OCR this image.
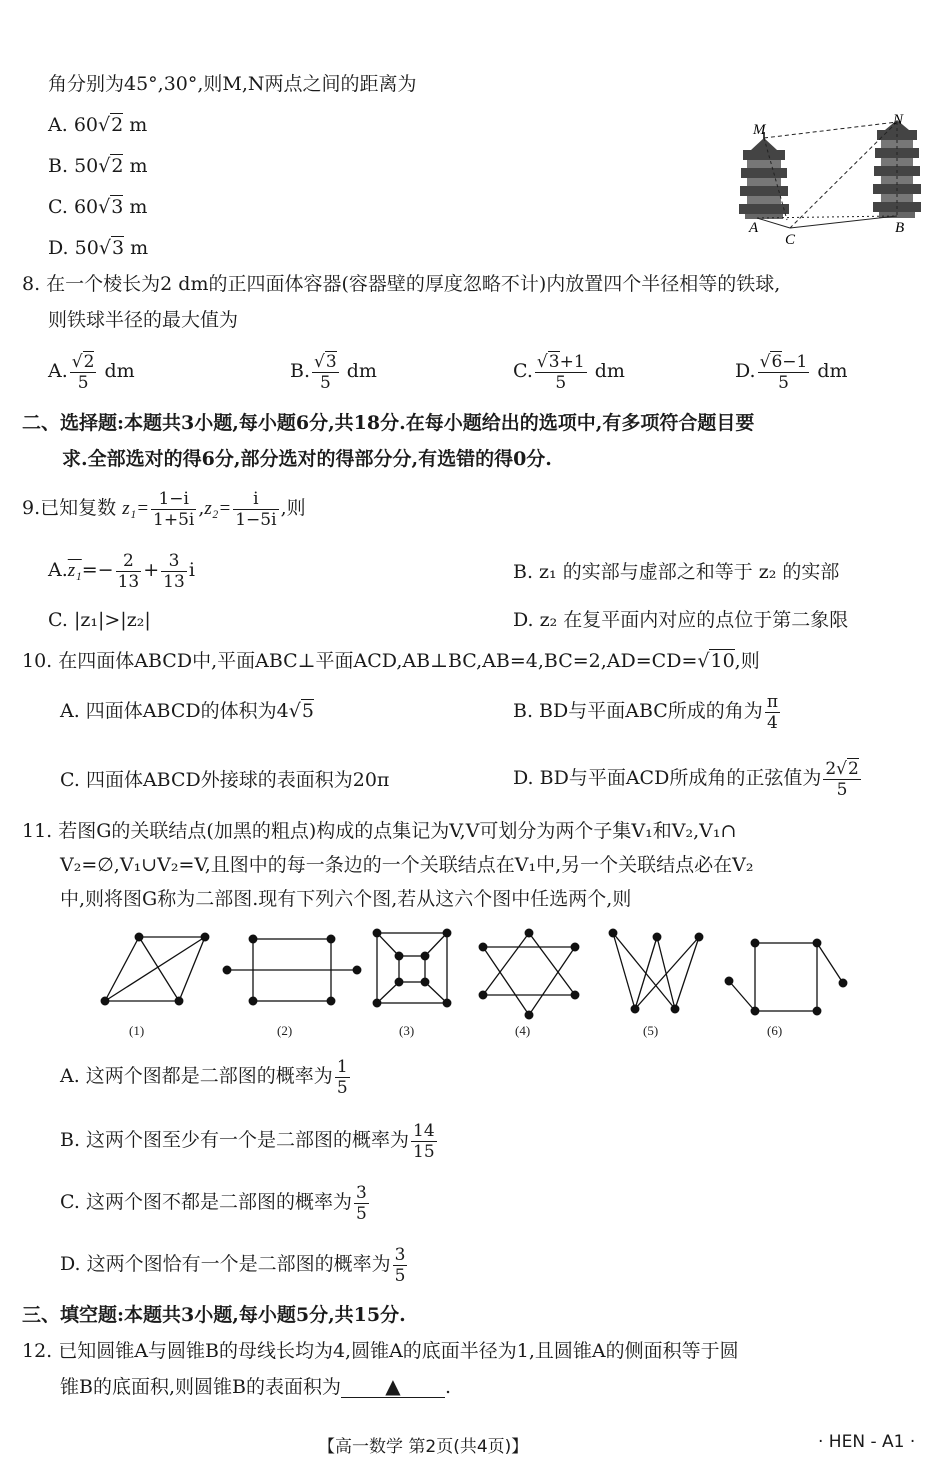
角分别为45°,30°,则M,N两点之间的距离为
A. 60√2 m
B. 50√2 m
C. 60√3 m
D. 50√3 m
M
N
A
C
B
8. 在一个棱长为2 dm的正四面体容器(容器壁的厚度忽略不计)内放置四个半径相等的铁球,
则铁球半径的最大值为
A. $\frac{√2}{5}$ dm	B. $\frac{√3}{5}$ dm	C. $\frac{√3+1}{5}$ dm	D. $\frac{√6-1}{5}$ dm
二、选择题:本题共3小题,每小题6分,共18分.在每小题给出的选项中,有多项符合题目要
求.全部选对的得6分,部分选对的得部分分,有选错的得0分.
9.已知复数 $z_1= \frac{1-i}{1+5i} ,z_2= \frac{i}{1-5i}$ ,则
$A.z_1=- \frac{2}{13} + \frac{3}{13}$ i	B. z₁ 的实部与虚部之和等于 z₂ 的实部
C. |z₁|>|z₂|	D. z₂ 在复平面内对应的点位于第二象限
10. 在四面体ABCD中,平面ABC⊥平面ACD,AB⊥BC,AB=4,BC=2,AD=CD=√10,则
A. 四面体ABCD的体积为4√5	B. BD与平面ABC所成的角为 $\frac{\pi}{4}$
C. 四面体ABCD外接球的表面积为20π	D. BD与平面ACD所成角的正弦值为 $\frac{2√2}{5}$
11. 若图G的关联结点(加黑的粗点)构成的点集记为V,V可划分为两个子集V₁和V₂,V₁∩
V₂=∅,V₁∪V₂=V,且图中的每一条边的一个关联结点在V₁中,另一个关联结点必在V₂
中,则将图G称为二部图.现有下列六个图,若从这六个图中任选两个,则
(1)	(2)	(3)	(4)	(5)	(6)
A. 这两个图都是二部图的概率为 $\frac{1}{5}$
B. 这两个图至少有一个是二部图的概率为 $\frac{14}{15}$
C. 这两个图不都是二部图的概率为 $\frac{3}{5}$
D. 这两个图恰有一个是二部图的概率为 $\frac{3}{5}$
三、填空题:本题共3小题,每小题5分,共15分.
12. 已知圆锥A与圆锥B的母线长均为4,圆锥A的底面半径为1,且圆锥A的侧面积等于圆
锥B的底面积,则圆锥B的表面积为 ▲ .
【高一数学 第2页(共4页)】	· HEN - A1 ·
